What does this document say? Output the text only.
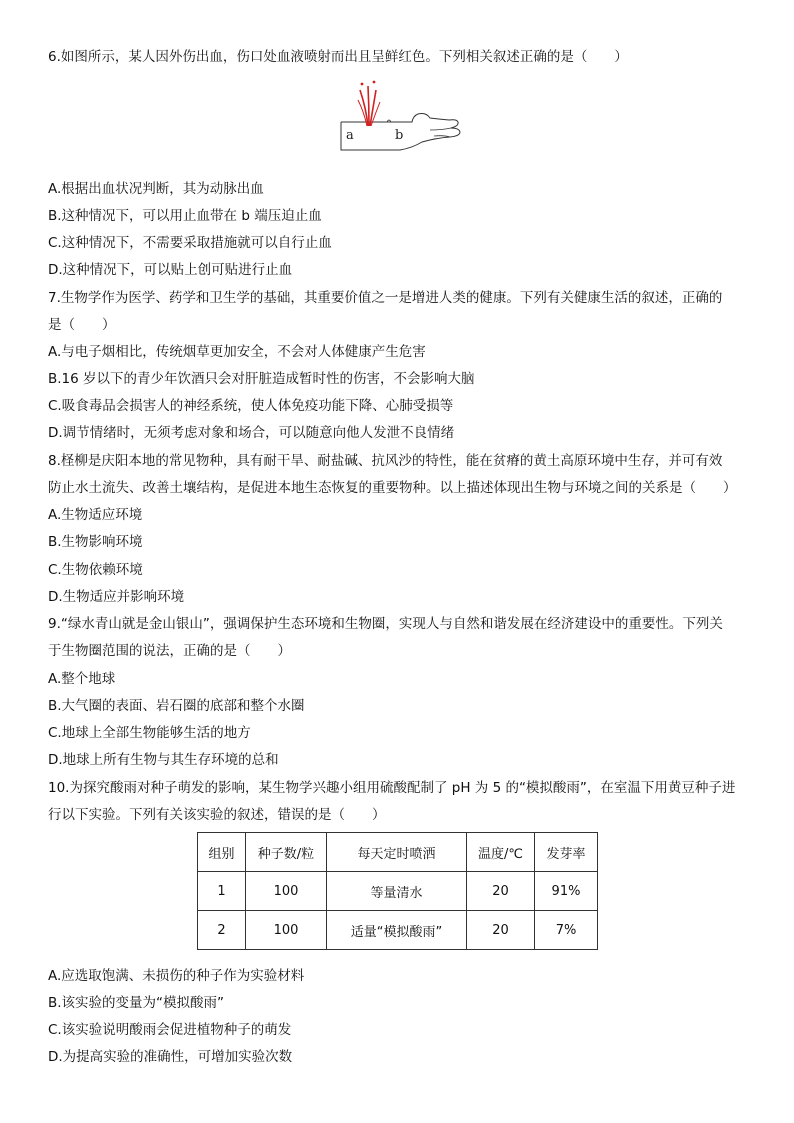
6.如图所示，某人因外伤出血，伤口处血液喷射而出且呈鲜红色。下列相关叙述正确的是（　　）
a	b
A.根据出血状况判断，其为动脉出血
B.这种情况下，可以用止血带在 b 端压迫止血
C.这种情况下，不需要采取措施就可以自行止血
D.这种情况下，可以贴上创可贴进行止血
7.生物学作为医学、药学和卫生学的基础，其重要价值之一是增进人类的健康。下列有关健康生活的叙述，正确的
是（　　）
A.与电子烟相比，传统烟草更加安全，不会对人体健康产生危害
B.16 岁以下的青少年饮酒只会对肝脏造成暂时性的伤害，不会影响大脑
C.吸食毒品会损害人的神经系统，使人体免疫功能下降、心肺受损等
D.调节情绪时，无须考虑对象和场合，可以随意向他人发泄不良情绪
8.柽柳是庆阳本地的常见物种，具有耐干旱、耐盐碱、抗风沙的特性，能在贫瘠的黄土高原环境中生存，并可有效
防止水土流失、改善土壤结构，是促进本地生态恢复的重要物种。以上描述体现出生物与环境之间的关系是（　　）
A.生物适应环境
B.生物影响环境
C.生物依赖环境
D.生物适应并影响环境
9.“绿水青山就是金山银山”，强调保护生态环境和生物圈，实现人与自然和谐发展在经济建设中的重要性。下列关
于生物圈范围的说法，正确的是（　　）
A.整个地球
B.大气圈的表面、岩石圈的底部和整个水圈
C.地球上全部生物能够生活的地方
D.地球上所有生物与其生存环境的总和
10.为探究酸雨对种子萌发的影响，某生物学兴趣小组用硫酸配制了 pH 为 5 的“模拟酸雨”，在室温下用黄豆种子进
行以下实验。下列有关该实验的叙述，错误的是（　　）
组别	种子数/粒	每天定时喷洒	温度/℃	发芽率
1	100	等量清水	20	91%
2	100	适量“模拟酸雨”	20	7%
A.应选取饱满、未损伤的种子作为实验材料
B.该实验的变量为“模拟酸雨”
C.该实验说明酸雨会促进植物种子的萌发
D.为提高实验的准确性，可增加实验次数
